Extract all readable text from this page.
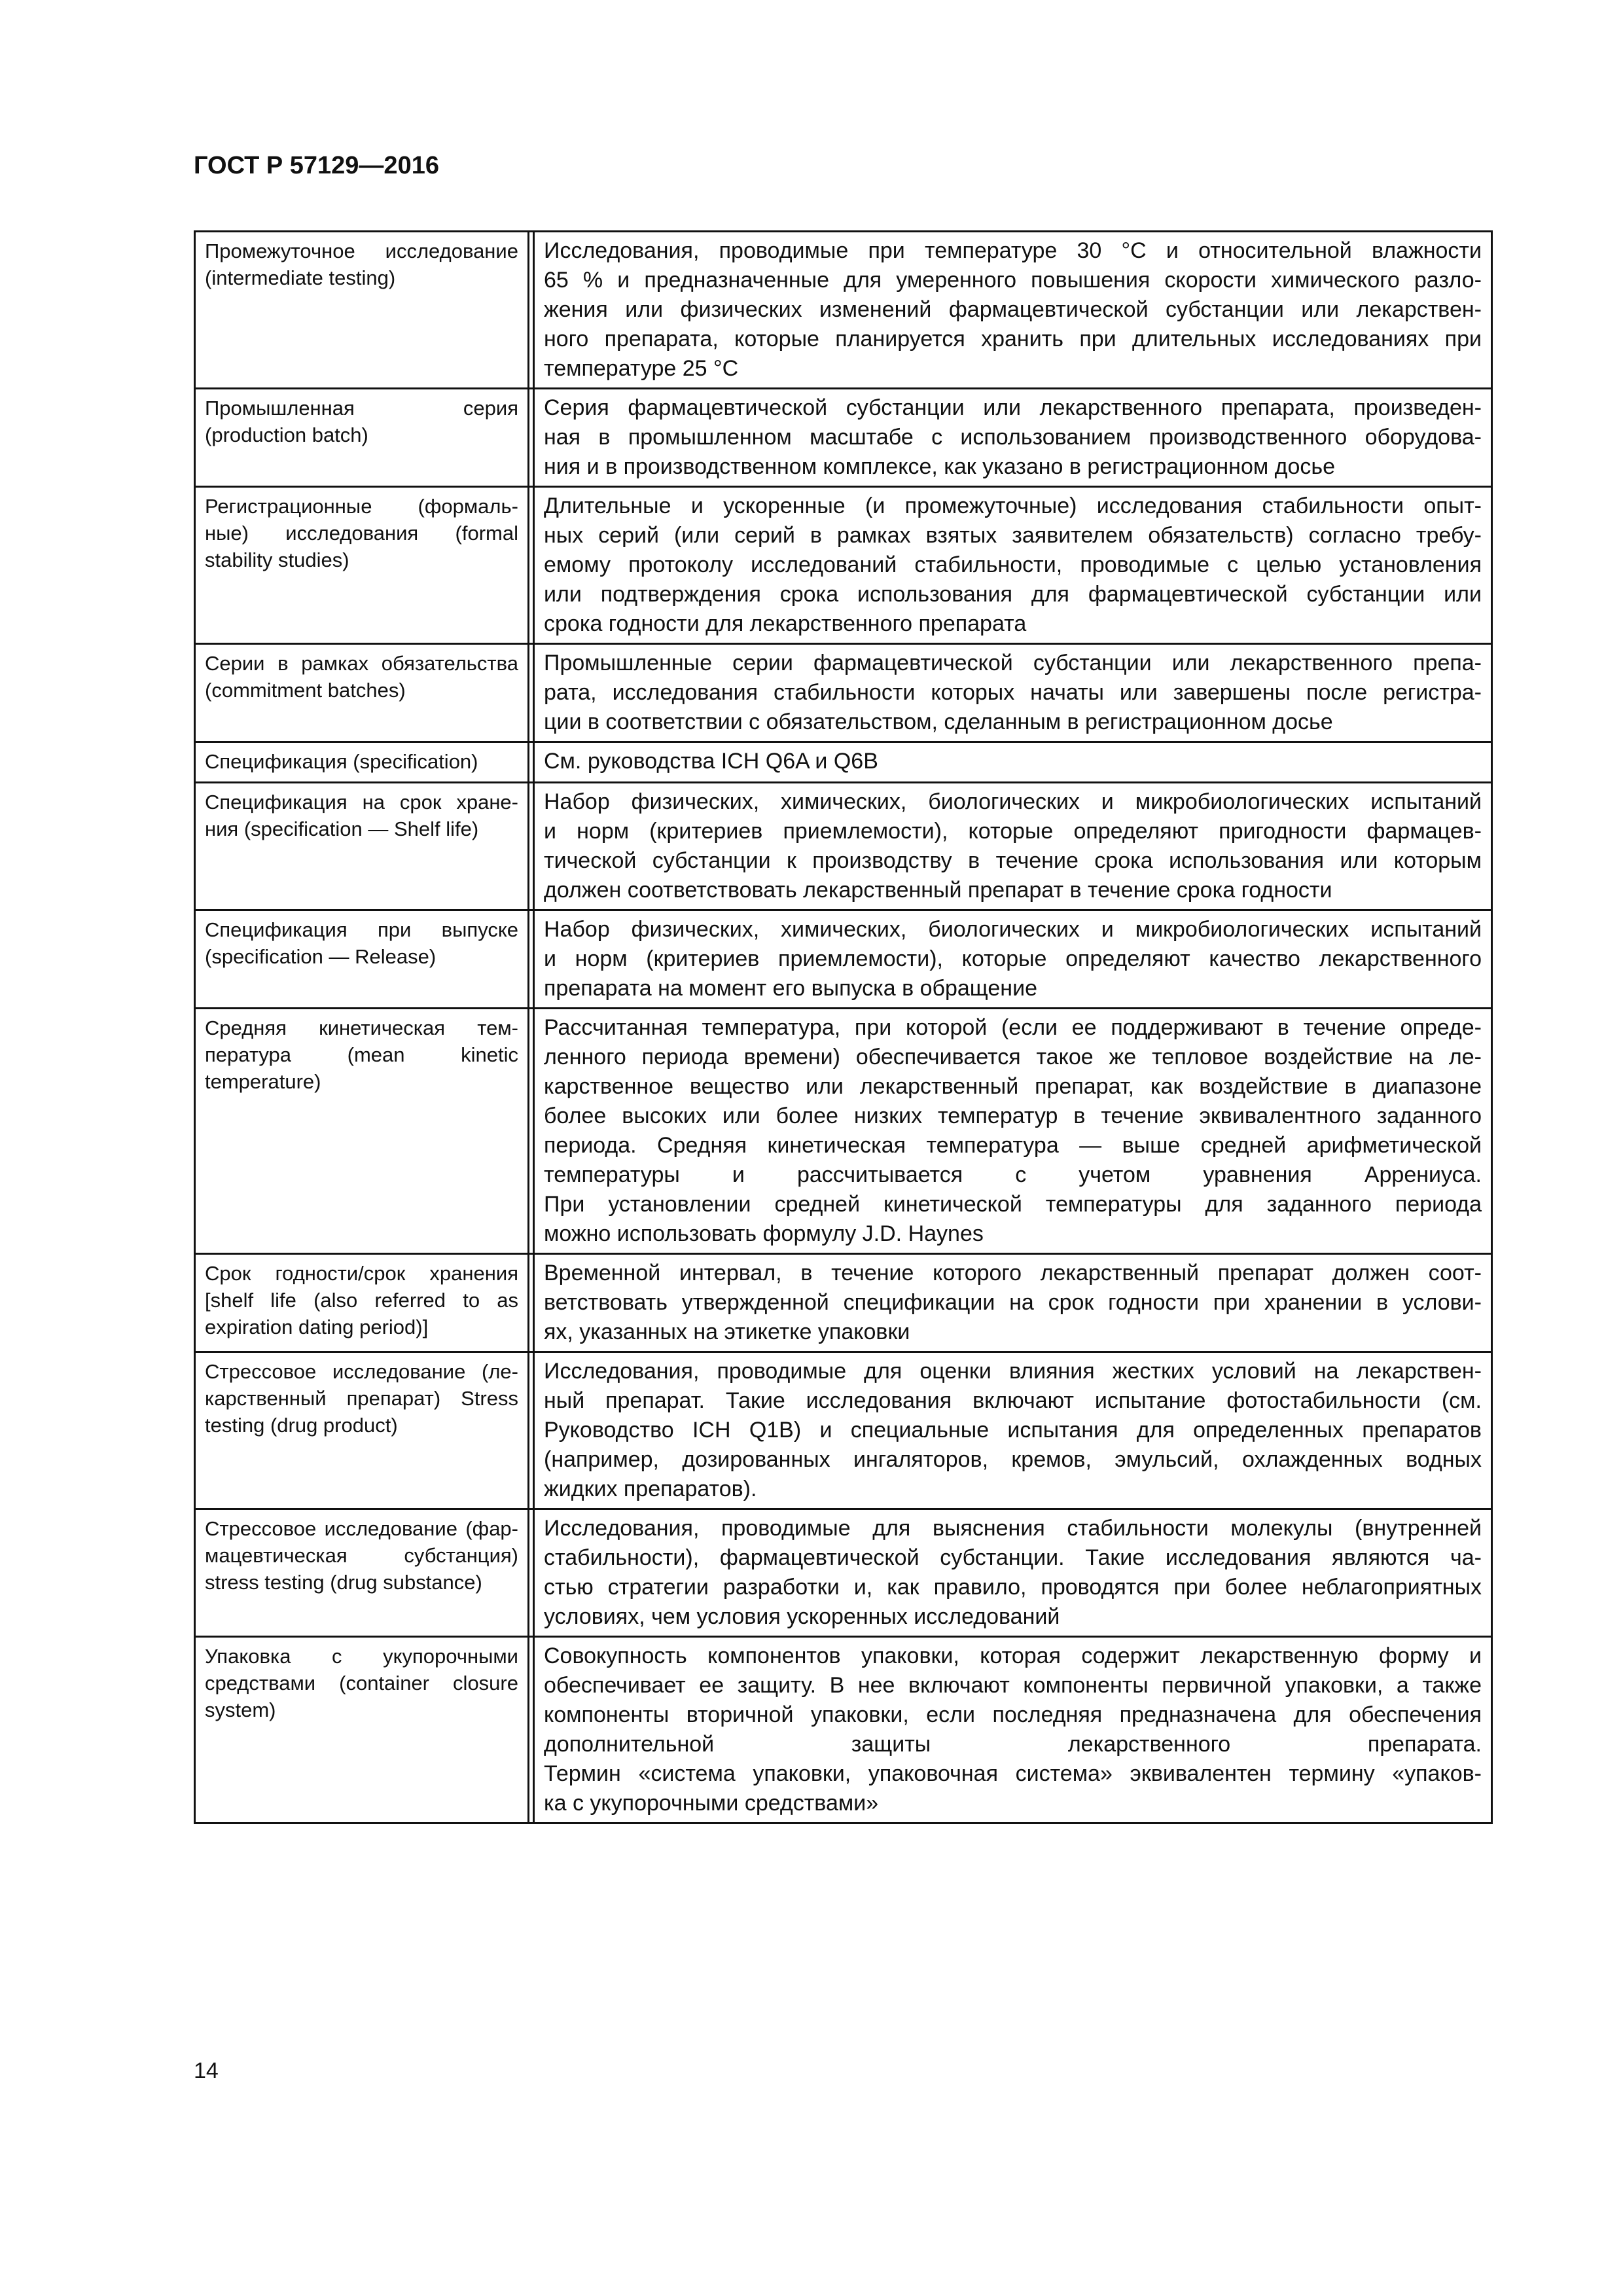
ГОСТ Р 57129—2016
Промежуточное исследование
(intermediate testing)
Исследования, проводимые при температуре 30 °С и относительной влажности
65 % и предназначенные для умеренного повышения скорости химического разло-
жения или физических изменений фармацевтической субстанции или лекарствен-
ного препарата, которые планируется хранить при длительных исследованиях при
температуре 25 °С
Промышленная серия
(production batch)
Серия фармацевтической субстанции или лекарственного препарата, произведен-
ная в промышленном масштабе с использованием производственного оборудова-
ния и в производственном комплексе, как указано в регистрационном досье
Регистрационные (формаль-
ные) исследования (formal
stability studies)
Длительные и ускоренные (и промежуточные) исследования стабильности опыт-
ных серий (или серий в рамках взятых заявителем обязательств) согласно требу-
емому протоколу исследований стабильности, проводимые с целью установления
или подтверждения срока использования для фармацевтической субстанции или
срока годности для лекарственного препарата
Серии в рамках обязательства
(commitment batches)
Промышленные серии фармацевтической субстанции или лекарственного препа-
рата, исследования стабильности которых начаты или завершены после регистра-
ции в соответствии с обязательством, сделанным в регистрационном досье
Спецификация (specification)	См. руководства ICH Q6A и Q6B
Спецификация на срок хране-
ния (specification — Shelf life)
Набор физических, химических, биологических и микробиологических испытаний
и норм (критериев приемлемости), которые определяют пригодности фармацев-
тической субстанции к производству в течение срока использования или которым
должен соответствовать лекарственный препарат в течение срока годности
Спецификация при выпуске
(specification — Release)
Набор физических, химических, биологических и микробиологических испытаний
и норм (критериев приемлемости), которые определяют качество лекарственного
препарата на момент его выпуска в обращение
Средняя кинетическая тем-
пература (mean kinetic
temperature)
Рассчитанная температура, при которой (если ее поддерживают в течение опреде-
ленного периода времени) обеспечивается такое же тепловое воздействие на ле-
карственное вещество или лекарственный препарат, как воздействие в диапазоне
более высоких или более низких температур в течение эквивалентного заданного
периода. Средняя кинетическая температура — выше средней арифметической
температуры и рассчитывается с учетом уравнения Аррениуса.
При установлении средней кинетической температуры для заданного периода
можно использовать формулу J.D. Haynes
Срок годности/срок хранения
[shelf life (also referred to as
expiration dating period)]
Временной интервал, в течение которого лекарственный препарат должен соот-
ветствовать утвержденной спецификации на срок годности при хранении в услови-
ях, указанных на этикетке упаковки
Стрессовое исследование (ле-
карственный препарат) Stress
testing (drug product)
Исследования, проводимые для оценки влияния жестких условий на лекарствен-
ный препарат. Такие исследования включают испытание фотостабильности (см.
Руководство ICH Q1B) и специальные испытания для определенных препаратов
(например, дозированных ингаляторов, кремов, эмульсий, охлажденных водных
жидких препаратов).
Стрессовое исследование (фар-
мацевтическая субстанция)
stress testing (drug substance)
Исследования, проводимые для выяснения стабильности молекулы (внутренней
стабильности), фармацевтической субстанции. Такие исследования являются ча-
стью стратегии разработки и, как правило, проводятся при более неблагоприятных
условиях, чем условия ускоренных исследований
Упаковка с укупорочными
средствами (container closure
system)
Совокупность компонентов упаковки, которая содержит лекарственную форму и
обеспечивает ее защиту. В нее включают компоненты первичной упаковки, а также
компоненты вторичной упаковки, если последняя предназначена для обеспечения
дополнительной защиты лекарственного препарата.
Термин «система упаковки, упаковочная система» эквивалентен термину «упаков-
ка с укупорочными средствами»
14
